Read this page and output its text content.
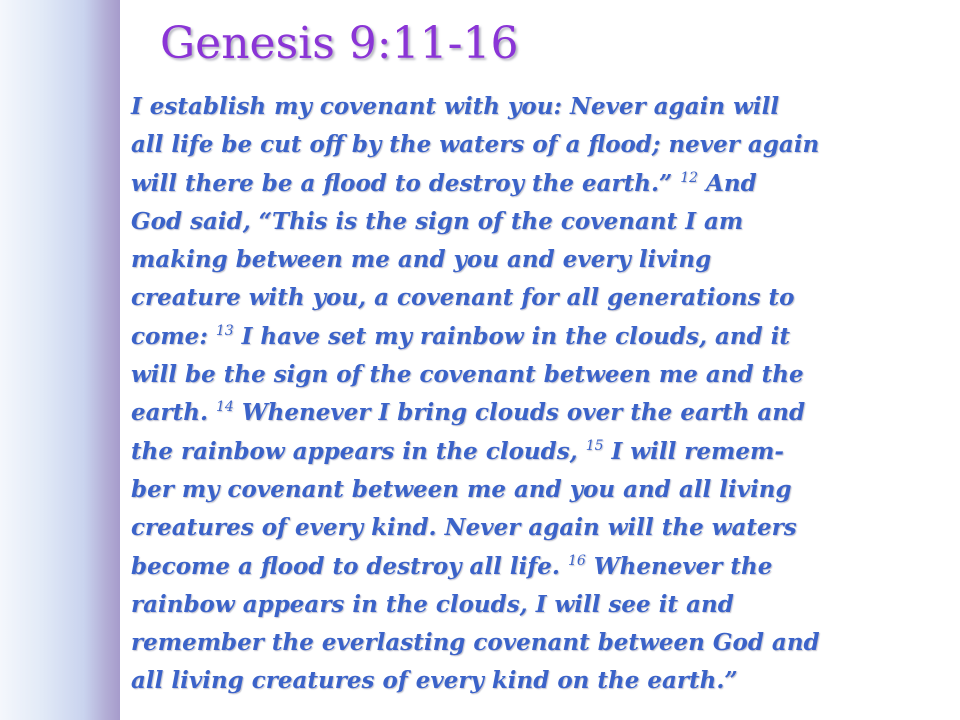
Genesis 9:11-16
I establish my covenant with you: Never again will
all life be cut off by the waters of a flood; never again
will there be a flood to destroy the earth.” $^{12}$ And
God said, “This is the sign of the covenant I am
making between me and you and every living
creature with you, a covenant for all generations to
come: $^{13}$ I have set my rainbow in the clouds, and it
will be the sign of the covenant between me and the
earth. $^{14}$ Whenever I bring clouds over the earth and
the rainbow appears in the clouds, $^{15}$ I will remem-
ber my covenant between me and you and all living
creatures of every kind. Never again will the waters
become a flood to destroy all life. $^{16}$ Whenever the
rainbow appears in the clouds, I will see it and
remember the everlasting covenant between God and
all living creatures of every kind on the earth.”
